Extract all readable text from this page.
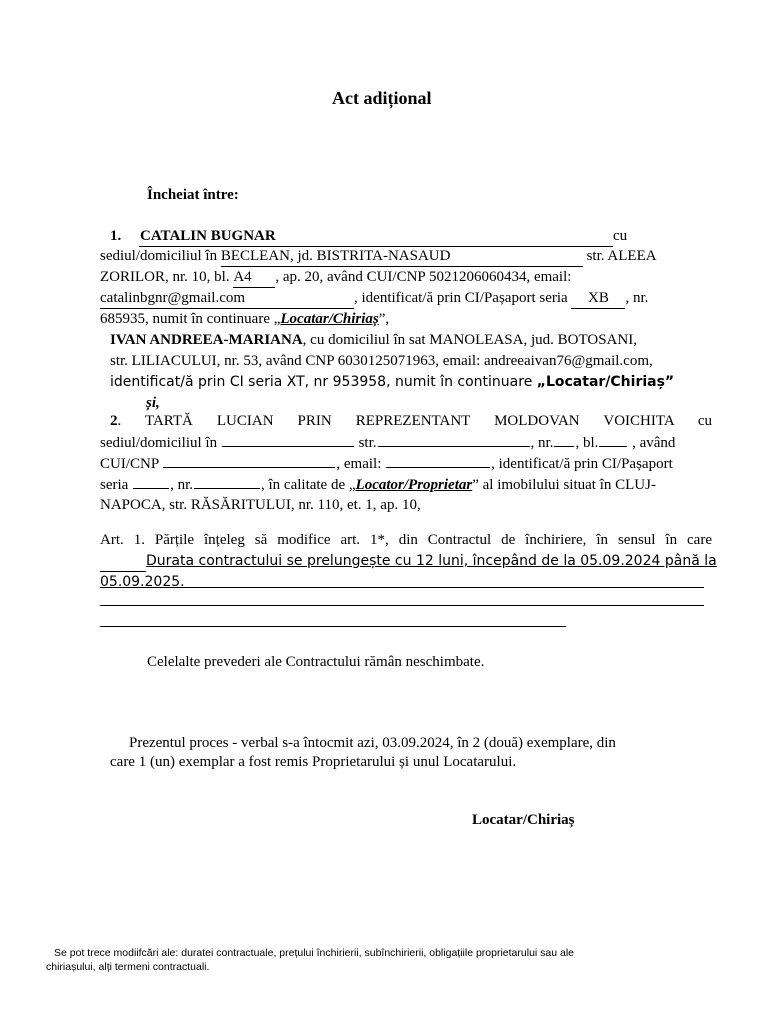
Act adițional
Încheiat între:
1. CATALIN BUGNAR	cu
sediul/domiciliul în BECLEAN, jd. BISTRITA-NASAUD	str. ALEEA
ZORILOR, nr. 10, bl. A4 , ap. 20, având CUI/CNP 5021206060434, email:
catalinbgnr@gmail.com	, identificat/ă prin CI/Pașaport seria XB , nr.
685935, numit în continuare „Locatar/Chiriaș”,
IVAN ANDREEA-MARIANA, cu domiciliul în sat MANOLEASA, jud. BOTOSANI,
str. LILIACULUI, nr. 53, având CNP 6030125071963, email: andreeaivan76@gmail.com,
identificat/ă prin CI seria XT, nr 953958, numit în continuare „Locatar/Chiriaș”
și,
2. TARTĂ LUCIAN PRIN REPREZENTANT MOLDOVAN VOICHITA cu
sediul/domiciliul în	str.	, nr. , bl. , având
CUI/CNP	, email:	, identificat/ă prin CI/Pașaport
seria	, nr.	, în calitate de „Locator/Proprietar” al imobilului situat în CLUJ-
NAPOCA, str. RĂSĂRITULUI, nr. 110, et. 1, ap. 10,
Art. 1. Părțile înțeleg să modifice art. 1*, din Contractul de închiriere, în sensul în care
Durata contractului se prelungește cu 12 luni, începând de la 05.09.2024 până la
05.09.2025.
Celelalte prevederi ale Contractului rămân neschimbate.
Prezentul proces - verbal s-a întocmit azi, 03.09.2024, în 2 (două) exemplare, din
care 1 (un) exemplar a fost remis Proprietarului și unul Locatarului.
Locatar/Chiriaș
Se pot trece modiifcări ale: duratei contractuale, prețului închirierii, subînchirierii, obligațiile proprietarului sau ale
chiriașului, alți termeni contractuali.
